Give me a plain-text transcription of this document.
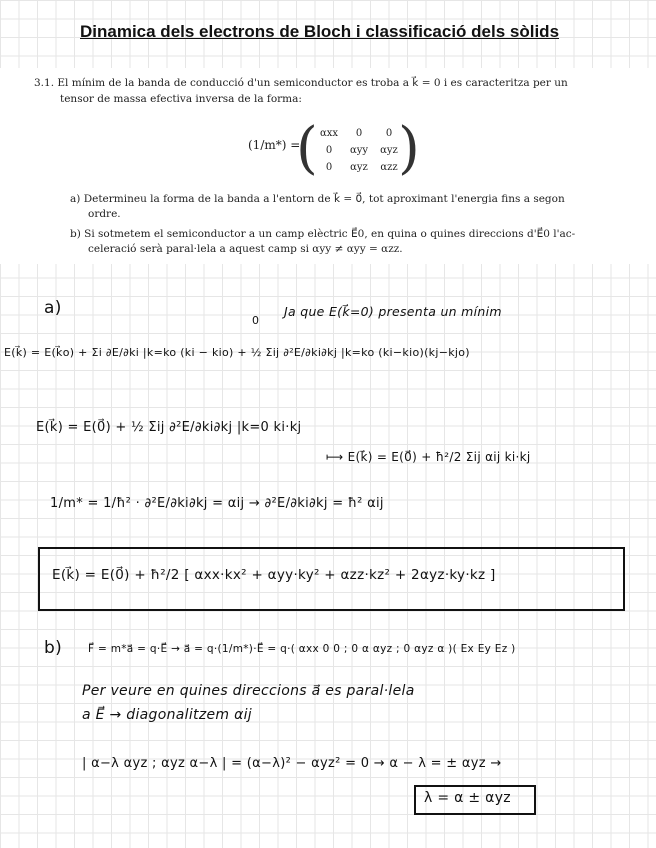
Dinamica dels electrons de Bloch i classificació dels sòlids
3.1. El mínim de la banda de conducció d'un semiconductor es troba a k⃗ = 0 i es caracteritza per un
tensor de massa efectiva inversa de la forma:
(1/m*) =
( αxx	0	0
0	αyy	αyz
0	αyz	αzz )
a) Determineu la forma de la banda a l'entorn de k⃗ = 0⃗, tot aproximant l'energia fins a segon
ordre.
b) Si sotmetem el semiconductor a un camp elèctric E⃗0, en quina o quines direccions d'E⃗0 l'ac-
celeració serà paral·lela a aquest camp si αyy ≠ αyy = αzz.
a)
0
Ja que E(k⃗=0) presenta un mínim
E(k⃗) = E(k⃗o) + Σi ∂E/∂ki |k=ko (ki − kio) + ½ Σij ∂²E/∂ki∂kj |k=ko (ki−kio)(kj−kjo)
E(k⃗) = E(0⃗) + ½ Σij ∂²E/∂ki∂kj |k=0 ki·kj
⟼ E(k⃗) = E(0⃗) + ħ²/2 Σij αij ki·kj
1/m* = 1/ħ² · ∂²E/∂ki∂kj = αij → ∂²E/∂ki∂kj = ħ² αij
E(k⃗) = E(0⃗) + ħ²/2 [ αxx·kx² + αyy·ky² + αzz·kz² + 2αyz·ky·kz ]
b) F⃗ = m*a⃗ = q·E⃗ → a⃗ = q·(1/m*)·E⃗ = q·( αxx 0 0 ; 0 α αyz ; 0 αyz α )( Ex Ey Ez )
Per veure en quines direccions a⃗ es paral·lela
a E⃗ → diagonalitzem αij
| α−λ αyz ; αyz α−λ | = (α−λ)² − αyz² = 0 → α − λ = ± αyz →
λ = α ± αyz
